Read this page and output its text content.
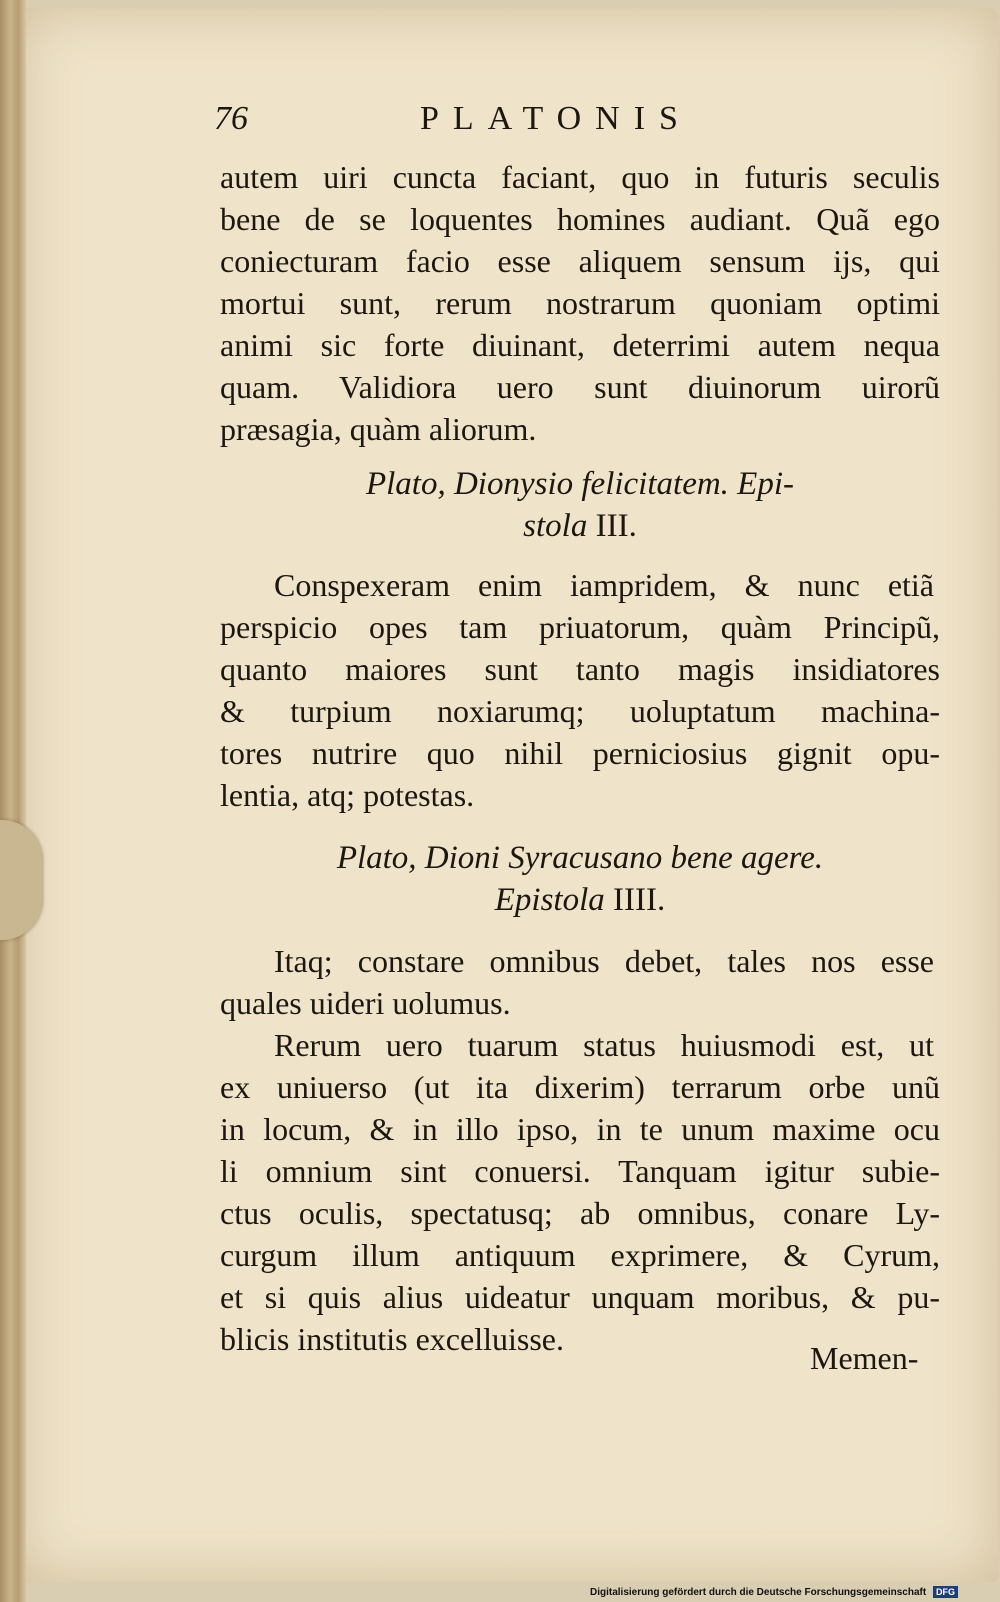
76	PLATONIS
autem uiri cuncta faciant, quo in futuris seculis
bene de se loquentes homines audiant. Quã ego
coniecturam facio esse aliquem sensum ijs, qui
mortui sunt, rerum nostrarum quoniam optimi
animi sic forte diuinant, deterrimi autem nequa
quam. Validiora uero sunt diuinorum uirorũ
præsagia, quàm aliorum.
Plato, Dionysio felicitatem. Epi-
stola III.
Conspexeram enim iampridem, & nunc etiã
perspicio opes tam priuatorum, quàm Principũ,
quanto maiores sunt tanto magis insidiatores
& turpium noxiarumq; uoluptatum machina-
tores nutrire quo nihil perniciosius gignit opu-
lentia, atq; potestas.
Plato, Dioni Syracusano bene agere.
Epistola IIII.
Itaq; constare omnibus debet, tales nos esse
quales uideri uolumus.
Rerum uero tuarum status huiusmodi est, ut
ex uniuerso (ut ita dixerim) terrarum orbe unũ
in locum, & in illo ipso, in te unum maxime ocu
li omnium sint conuersi. Tanquam igitur subie-
ctus oculis, spectatusq; ab omnibus, conare Ly-
curgum illum antiquum exprimere, & Cyrum,
et si quis alius uideatur unquam moribus, & pu-
blicis institutis excelluisse.
Memen-
Digitalisierung gefördert durch die Deutsche Forschungsgemeinschaft DFG
